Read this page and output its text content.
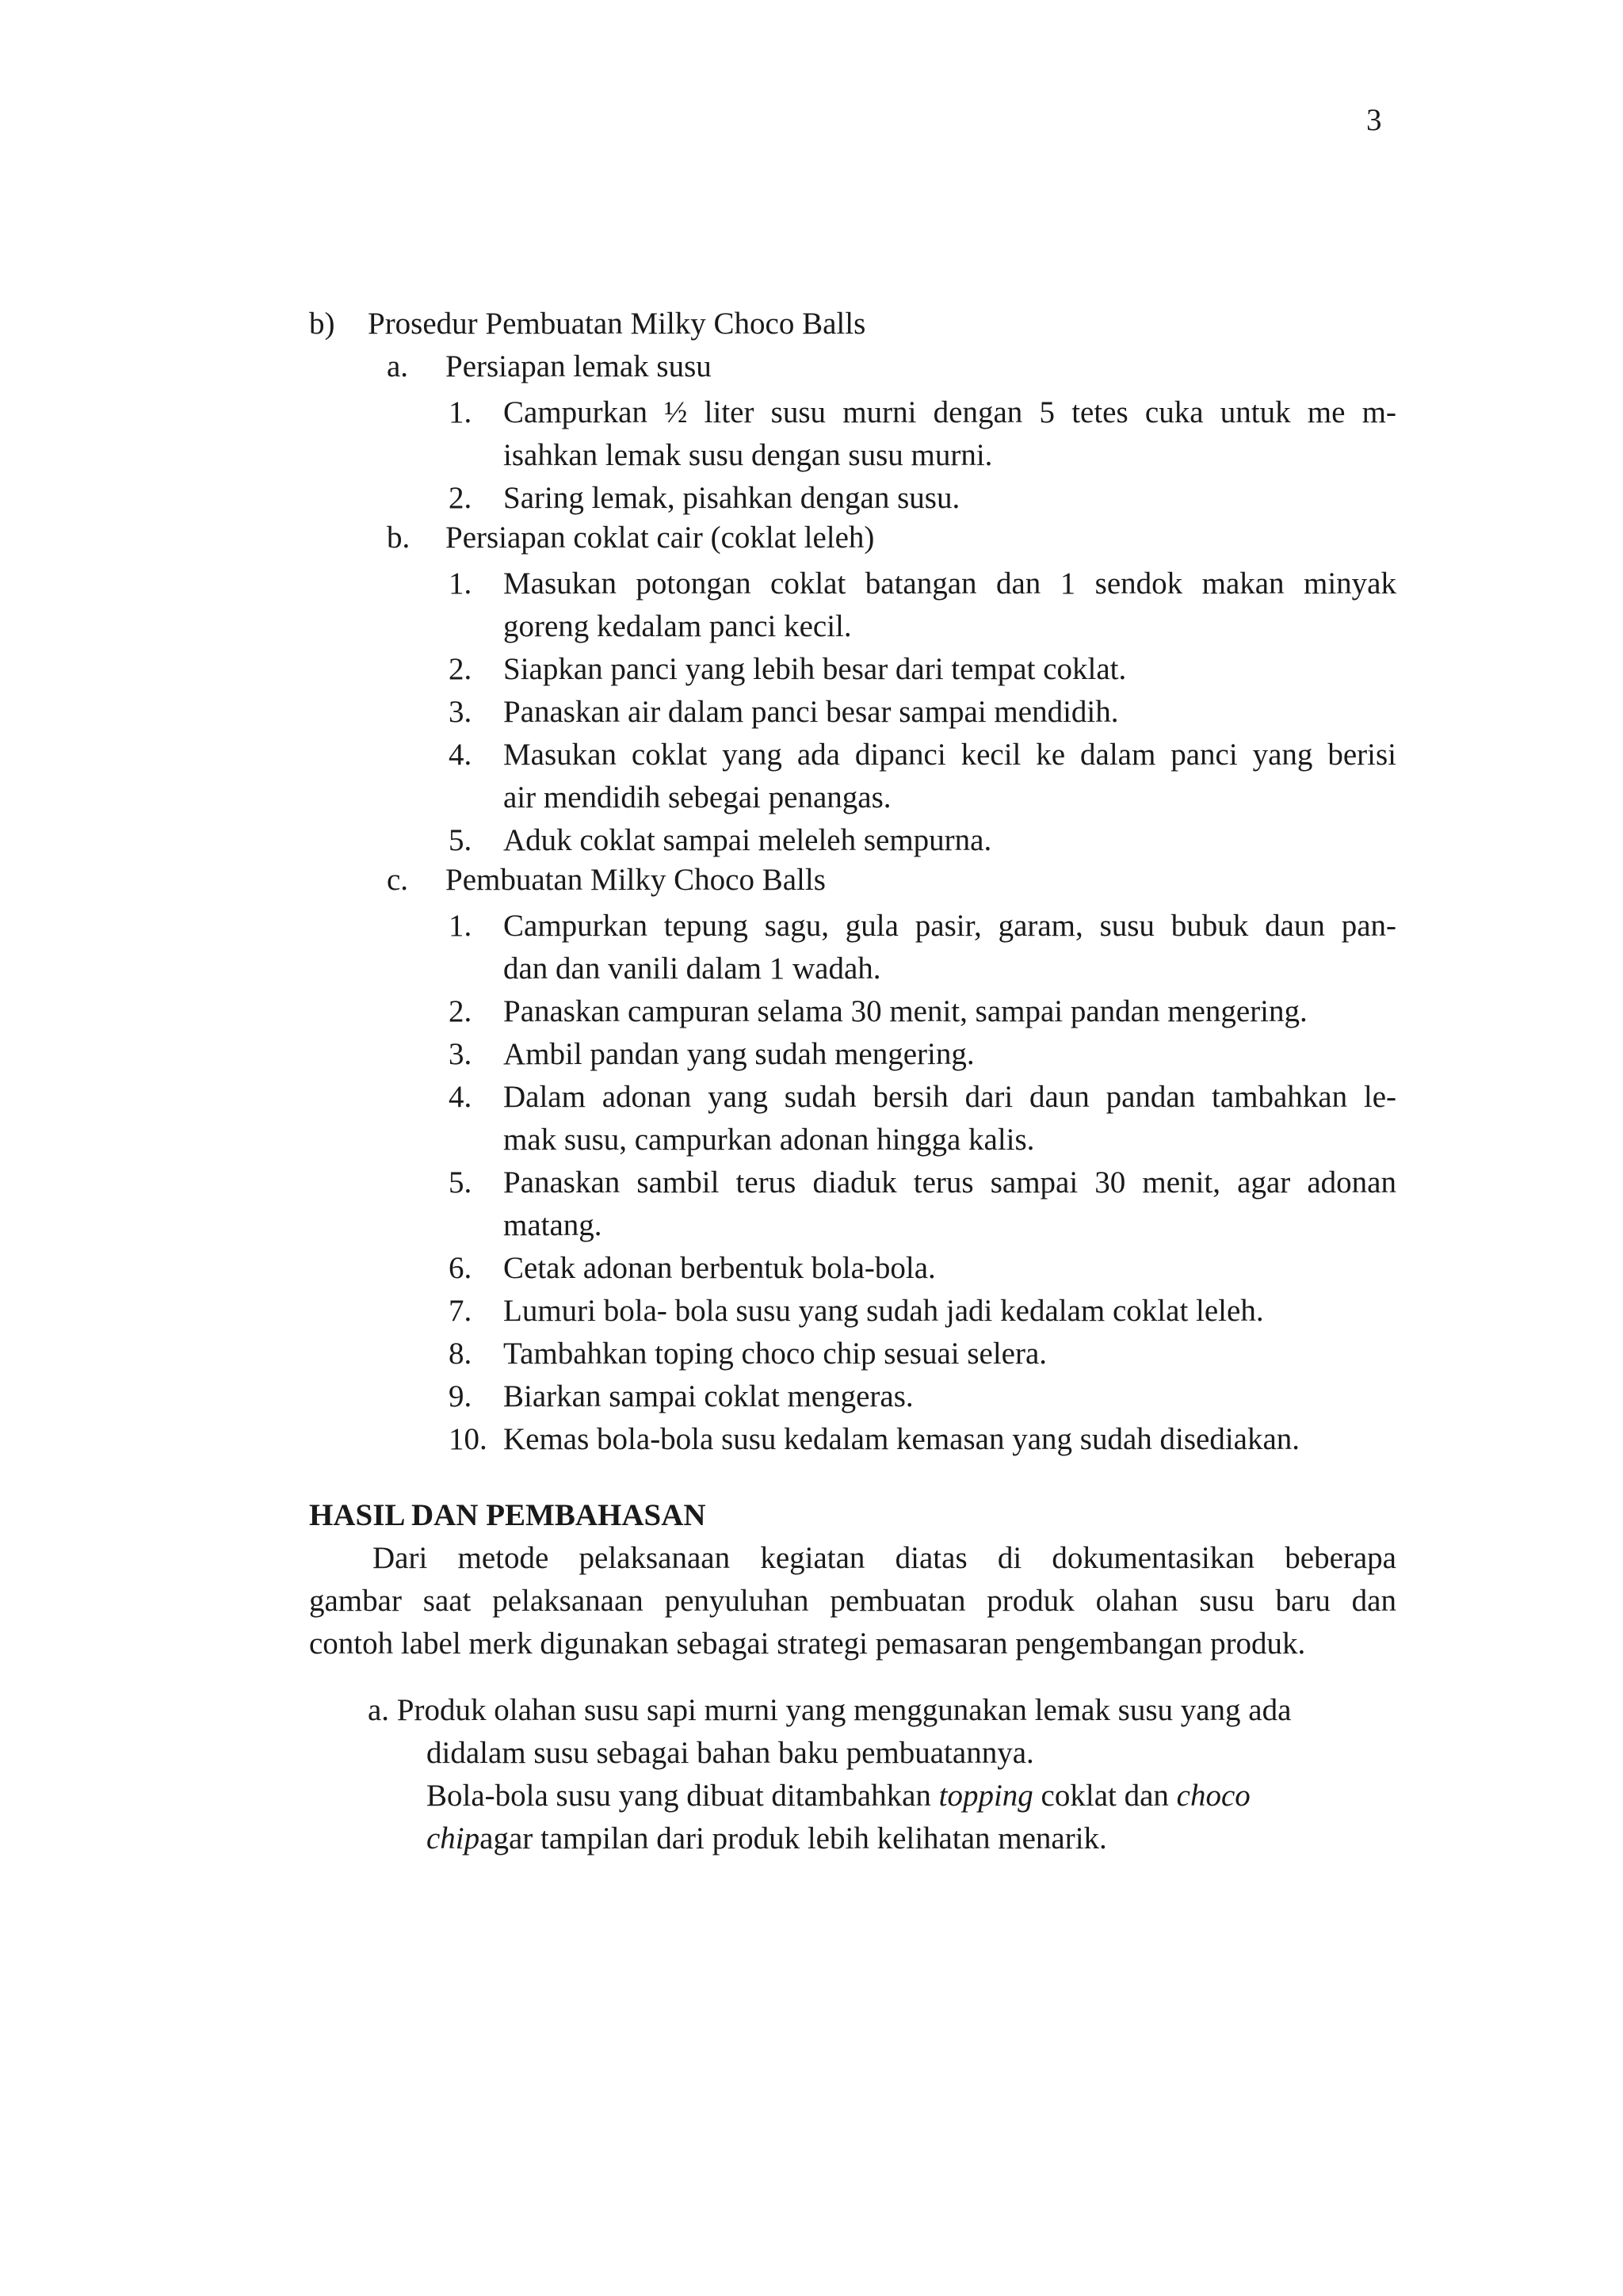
3
b) Prosedur Pembuatan Milky Choco Balls
a. Persiapan lemak susu
1.	Campurkan ½ liter susu murni dengan 5 tetes cuka untuk me m-
isahkan lemak susu dengan susu murni.
2.	Saring lemak, pisahkan dengan susu.
b. Persiapan coklat cair (coklat leleh)
1.	Masukan potongan coklat batangan dan 1 sendok makan minyak
goreng kedalam panci kecil.
2.	Siapkan panci yang lebih besar dari tempat coklat.
3.	Panaskan air dalam panci besar sampai mendidih.
4.	Masukan coklat yang ada dipanci kecil ke dalam panci yang berisi
air mendidih sebegai penangas.
5.	Aduk coklat sampai meleleh sempurna.
c. Pembuatan Milky Choco Balls
1.	Campurkan tepung sagu, gula pasir, garam, susu bubuk daun pan-
dan dan vanili dalam 1 wadah.
2.	Panaskan campuran selama 30 menit, sampai pandan mengering.
3.	Ambil pandan yang sudah mengering.
4.	Dalam adonan yang sudah bersih dari daun pandan tambahkan le-
mak susu, campurkan adonan hingga kalis.
5.	Panaskan sambil terus diaduk terus sampai 30 menit, agar adonan
matang.
6.	Cetak adonan berbentuk bola-bola.
7.	Lumuri bola- bola susu yang sudah jadi kedalam coklat leleh.
8.	Tambahkan toping choco chip sesuai selera.
9.	Biarkan sampai coklat mengeras.
10. Kemas bola-bola susu kedalam kemasan yang sudah disediakan.
HASIL DAN PEMBAHASAN
Dari metode pelaksanaan kegiatan diatas di dokumentasikan beberapa
gambar saat pelaksanaan penyuluhan pembuatan produk olahan susu baru dan
contoh label merk digunakan sebagai strategi pemasaran pengembangan produk.
a. Produk olahan susu sapi murni yang menggunakan lemak susu yang ada
didalam susu sebagai bahan baku pembuatannya.
Bola-bola susu yang dibuat ditambahkan topping coklat dan choco
chipagar tampilan dari produk lebih kelihatan menarik.
